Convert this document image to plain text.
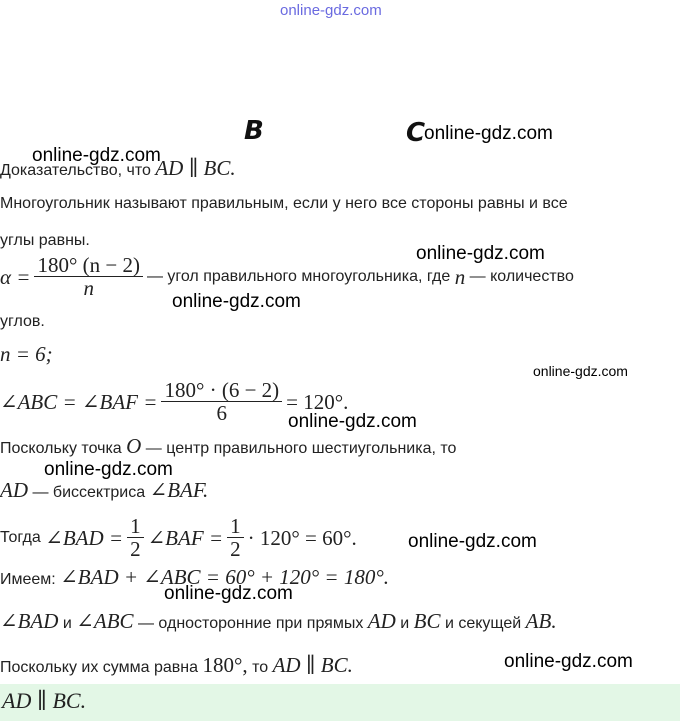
online-gdz.com
B	C
online-gdz.com
online-gdz.com
online-gdz.com
online-gdz.com
online-gdz.com
online-gdz.com
online-gdz.com
online-gdz.com
online-gdz.com
online-gdz.com
Доказательство, что AD ∥ BC.
Многоугольник называют правильным, если у него все стороны равны и все
углы равны.
$\alpha = \frac{180^\circ (n - 2)}{n}$ — угол правильного многоугольника, где
n
— количество
углов.
n = 6;
∠ABC = ∠BAF = $\frac{180^\circ \cdot (6 - 2)}{6} = 120^\circ$.
Поскольку точка O — центр правильного шестиугольника, то
AD — биссектриса ∠BAF.
Тогда
∠BAD = $\frac{1}{2}$ ∠BAF = $\frac{1}{2} \cdot 120^\circ = 60^\circ$.
Имеем: ∠BAD + ∠ABC = 60° + 120° = 180°.
∠BAD и ∠ABC — односторонние при прямых AD и BC и секущей AB.
Поскольку их сумма равна 180°, то AD ∥ BC.
AD ∥ BC.
